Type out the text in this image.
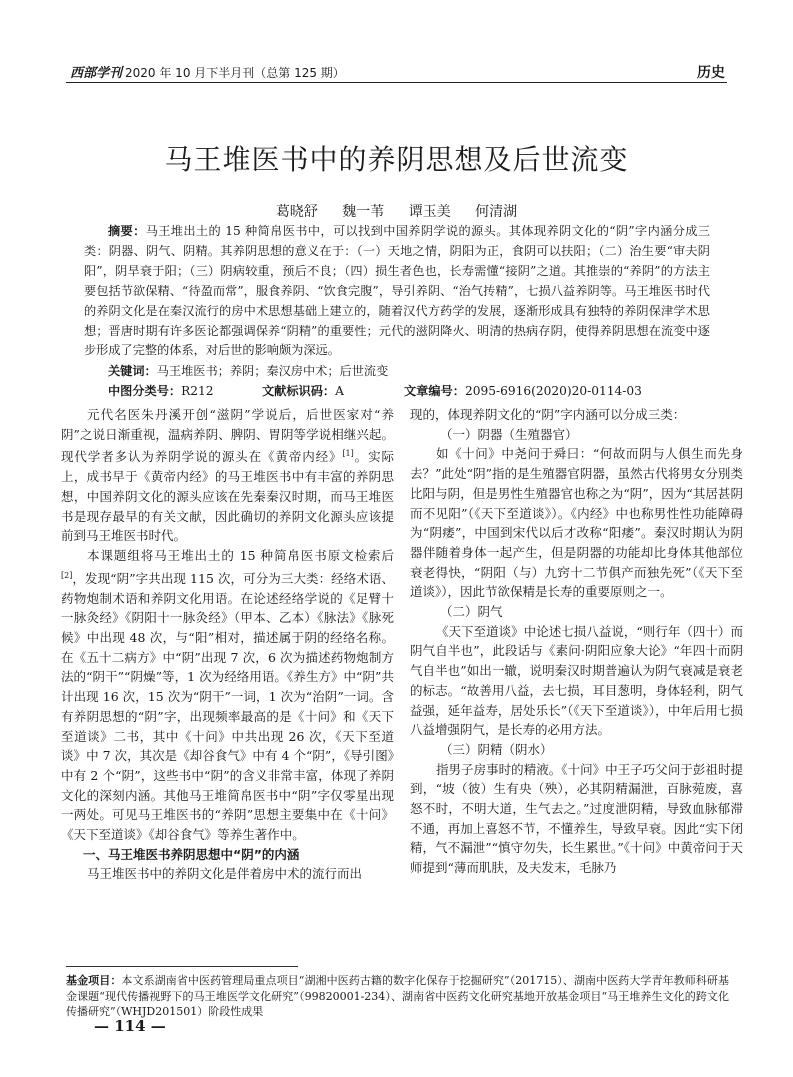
西部学刊 2020 年 10 月下半月刊（总第 125 期）	历史
马王堆医书中的养阴思想及后世流变
葛晓舒 魏一苇 谭玉美 何清湖
摘要：马王堆出土的 15 种简帛医书中，可以找到中国养阴学说的源头。其体现养阴文化的“阴”字内涵分成三类：阴器、阴气、阴精。其养阴思想的意义在于：（一）天地之情，阴阳为正，食阴可以扶阳；（二）治生要“审夫阴阳”，阴旱衰于阳；（三）阴病较重，预后不良；（四）损生者色也，长寿需懂“接阴”之道。其推崇的“养阴”的方法主要包括节欲保精、“待盈而常”，服食养阴、“饮食完腹”，导引养阴、“治气抟精”，七损八益养阴等。马王堆医书时代的养阴文化是在秦汉流行的房中术思想基础上建立的，随着汉代方药学的发展，逐渐形成具有独特的养阴保津学术思想；晋唐时期有许多医论都强调保养“阴精”的重要性；元代的滋阴降火、明清的热病存阴，使得养阴思想在流变中逐步形成了完整的体系，对后世的影响颇为深远。
关键词：马王堆医书；养阴；秦汉房中术；后世流变
中图分类号：R212	文献标识码：A	文章编号：2095-6916(2020)20-0114-03

元代名医朱丹溪开创“滋阴”学说后，后世医家对“养阴”之说日渐重视，温病养阴、脾阴、胃阴等学说相继兴起。现代学者多认为养阴学说的源头在《黄帝内经》[1]。实际上，成书早于《黄帝内经》的马王堆医书中有丰富的养阴思想，中国养阴文化的源头应该在先秦秦汉时期，而马王堆医书是现存最早的有关文献，因此确切的养阴文化源头应该提前到马王堆医书时代。

本课题组将马王堆出土的 15 种简帛医书原文检索后[2]，发现“阴”字共出现 115 次，可分为三大类：经络术语、药物炮制术语和养阴文化用语。在论述经络学说的《足臂十一脉灸经》《阴阳十一脉灸经》（甲本、乙本）《脉法》《脉死候》中出现 48 次，与“阳”相对，描述属于阴的经络名称。在《五十二病方》中“阴”出现 7 次，6 次为描述药物炮制方法的“阴干”“阴燥”等，1 次为经络用语。《养生方》中“阴”共计出现 16 次，15 次为“阴干”一词，1 次为“治阴”一词。含有养阴思想的“阴”字，出现频率最高的是《十问》和《天下至道谈》二书，其中《十问》中共出现 26 次，《天下至道谈》中 7 次，其次是《却谷食气》中有 4 个“阴”，《导引图》中有 2 个“阴”，这些书中“阴”的含义非常丰富，体现了养阴文化的深刻内涵。其他马王堆简帛医书中“阴”字仅零星出现一两处。可见马王堆医书的“养阴”思想主要集中在《十问》《天下至道谈》《却谷食气》等养生著作中。

一、马王堆医书养阴思想中“阴”的内涵

马王堆医书中的养阴文化是伴着房中术的流行而出

现的，体现养阴文化的“阴”字内涵可以分成三类：

（一）阴器（生殖器官）

如《十问》中尧问于舜曰：“何故而阴与人俱生而先身去？”此处“阴”指的是生殖器官阴器，虽然古代将男女分別类比阳与阴，但是男性生殖器官也称之为“阴”，因为“其居甚阴而不见阳”（《天下至道谈》）。《内经》中也称男性性功能障碍为“阴痿”，中国到宋代以后才改称“阳痿”。秦汉时期认为阴器伴随着身体一起产生，但是阴器的功能却比身体其他部位衰老得快，“阴阳（与）九窍十二节俱产而独先死”（《天下至道谈》），因此节欲保精是长寿的重要原则之一。

（二）阴气

《天下至道谈》中论述七损八益说，“则行年（四十）而阴气自半也”，此段话与《素问·阴阳应象大论》“年四十而阴气自半也”如出一辙，说明秦汉时期普遍认为阴气衰减是衰老的标志。“故善用八益，去七损，耳目葱明，身体轻利，阴气益强，延年益寿，居处乐长”（《天下至道谈》），中年后用七损八益增强阴气，是长寿的必用方法。

（三）阴精（阴水）

指男子房事时的精液。《十问》中王子巧父问于彭祖时提到，“坡（彼）生有央（殃），必其阴精漏泄，百脉菀废，喜怒不时，不明大道，生气去之。”过度泄阴精，导致血脉郁滞不通，再加上喜怒不节，不懂养生，导致早衰。因此“实下闭精，气不漏泄”“慎守勿失，长生累世。”《十问》中黄帝问于天师提到“薄而肌肤，及夫发末，毛脉乃

基金项目：本文系湖南省中医药管理局重点项目“湖湘中医药古籍的数字化保存于挖掘研究”（201715）、湖南中医药大学青年教师科研基金课题“现代传播视野下的马王堆医学文化研究”（99820001-234）、湖南省中医药文化研究基地开放基金项目“马王堆养生文化的跨文化传播研究”（WHJD201501）阶段性成果
— 114 —
